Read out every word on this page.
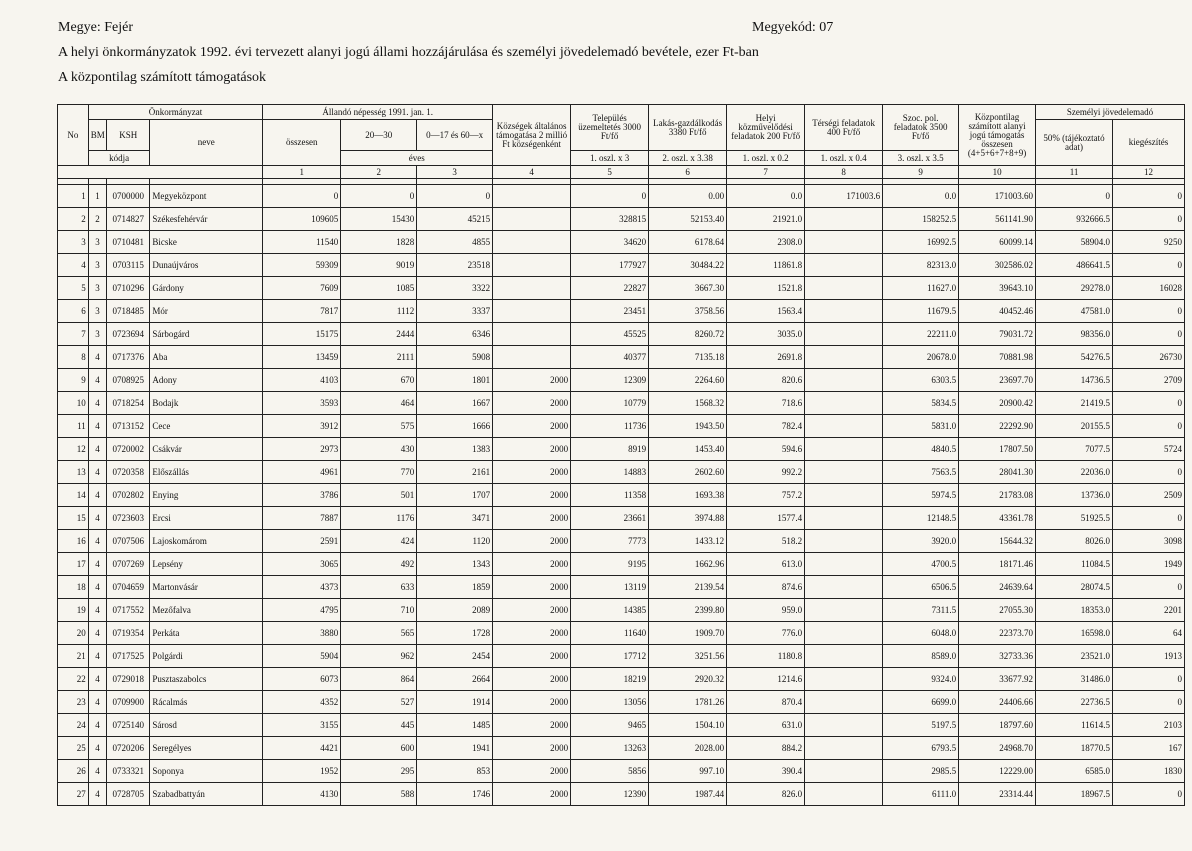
Megye: Fejér	Megyekód: 07
A helyi önkormányzatok 1992. évi tervezett alanyi jogú állami hozzájárulása és személyi jövedelemadó bevétele, ezer Ft-ban
A központilag számított támogatások
No	Önkormányzat			Állandó népesség 1991. jan. 1.			Községek általános támogatása 2 millió Ft községenként	Település üzemeltetés 3000 Ft/fő	Lakás-gazdálkodás 3380 Ft/fő	Helyi közművelődési feladatok 200 Ft/fő	Térségi feladatok 400 Ft/fő	Szoc. pol. feladatok 3500 Ft/fő	Központilag számított alanyi jogú támogatás összesen (4+5+6+7+8+9)	Személyi jövedelemadó	
	BM	KSH	neve	összesen	20—30	0—17 és 60—x								50% (tájékoztató adat)	kiegészítés
	kódja				éves			1. oszl. x 3	2. oszl. x 3.38	1. oszl. x 0.2	1. oszl. x 0.4	3. oszl. x 3.5			
				1	2	3	4	5	6	7	8	9	10	11	12

1	1	0700000	Megyeközpont	0	0	0		0	0.00	0.0	171003.6	0.0	171003.60	0	0
2	2	0714827	Székesfehérvár	109605	15430	45215		328815	52153.40	21921.0		158252.5	561141.90	932666.5	0
3	3	0710481	Bicske	11540	1828	4855		34620	6178.64	2308.0		16992.5	60099.14	58904.0	9250
4	3	0703115	Dunaújváros	59309	9019	23518		177927	30484.22	11861.8		82313.0	302586.02	486641.5	0
5	3	0710296	Gárdony	7609	1085	3322		22827	3667.30	1521.8		11627.0	39643.10	29278.0	16028
6	3	0718485	Mór	7817	1112	3337		23451	3758.56	1563.4		11679.5	40452.46	47581.0	0
7	3	0723694	Sárbogárd	15175	2444	6346		45525	8260.72	3035.0		22211.0	79031.72	98356.0	0
8	4	0717376	Aba	13459	2111	5908		40377	7135.18	2691.8		20678.0	70881.98	54276.5	26730
9	4	0708925	Adony	4103	670	1801	2000	12309	2264.60	820.6		6303.5	23697.70	14736.5	2709
10	4	0718254	Bodajk	3593	464	1667	2000	10779	1568.32	718.6		5834.5	20900.42	21419.5	0
11	4	0713152	Cece	3912	575	1666	2000	11736	1943.50	782.4		5831.0	22292.90	20155.5	0
12	4	0720002	Csákvár	2973	430	1383	2000	8919	1453.40	594.6		4840.5	17807.50	7077.5	5724
13	4	0720358	Előszállás	4961	770	2161	2000	14883	2602.60	992.2		7563.5	28041.30	22036.0	0
14	4	0702802	Enying	3786	501	1707	2000	11358	1693.38	757.2		5974.5	21783.08	13736.0	2509
15	4	0723603	Ercsi	7887	1176	3471	2000	23661	3974.88	1577.4		12148.5	43361.78	51925.5	0
16	4	0707506	Lajoskomárom	2591	424	1120	2000	7773	1433.12	518.2		3920.0	15644.32	8026.0	3098
17	4	0707269	Lepsény	3065	492	1343	2000	9195	1662.96	613.0		4700.5	18171.46	11084.5	1949
18	4	0704659	Martonvásár	4373	633	1859	2000	13119	2139.54	874.6		6506.5	24639.64	28074.5	0
19	4	0717552	Mezőfalva	4795	710	2089	2000	14385	2399.80	959.0		7311.5	27055.30	18353.0	2201
20	4	0719354	Perkáta	3880	565	1728	2000	11640	1909.70	776.0		6048.0	22373.70	16598.0	64
21	4	0717525	Polgárdi	5904	962	2454	2000	17712	3251.56	1180.8		8589.0	32733.36	23521.0	1913
22	4	0729018	Pusztaszabolcs	6073	864	2664	2000	18219	2920.32	1214.6		9324.0	33677.92	31486.0	0
23	4	0709900	Rácalmás	4352	527	1914	2000	13056	1781.26	870.4		6699.0	24406.66	22736.5	0
24	4	0725140	Sárosd	3155	445	1485	2000	9465	1504.10	631.0		5197.5	18797.60	11614.5	2103
25	4	0720206	Seregélyes	4421	600	1941	2000	13263	2028.00	884.2		6793.5	24968.70	18770.5	167
26	4	0733321	Soponya	1952	295	853	2000	5856	997.10	390.4		2985.5	12229.00	6585.0	1830
27	4	0728705	Szabadbattyán	4130	588	1746	2000	12390	1987.44	826.0		6111.0	23314.44	18967.5	0
